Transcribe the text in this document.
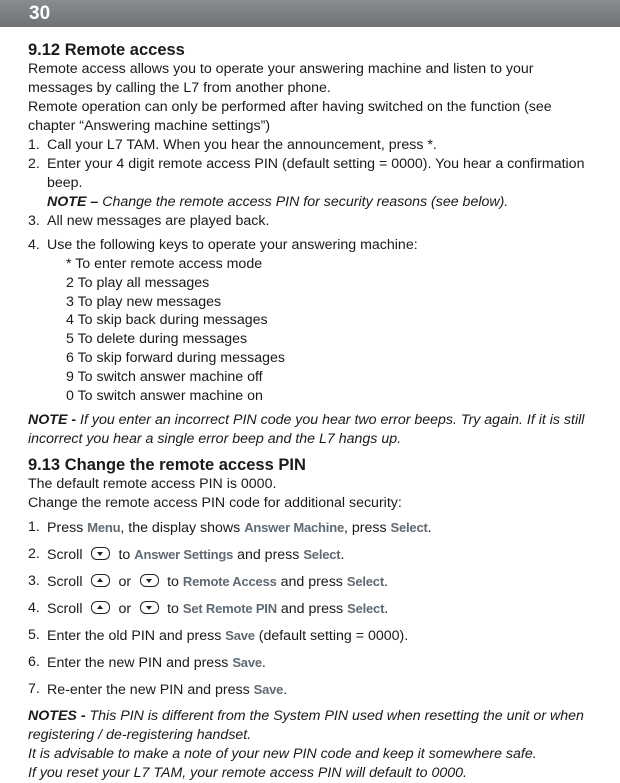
30
9.12 Remote access

Remote access allows you to operate your answering machine and listen to your messages by calling the L7 from another phone.

Remote operation can only be performed after having switched on the function (see chapter “Answering machine settings”)

1. Call your L7 TAM. When you hear the announcement, press *.
2. Enter your 4 digit remote access PIN (default setting = 0000). You hear a confirmation beep.
NOTE – Change the remote access PIN for security reasons (see below).
3. All new messages are played back.
4. Use the following keys to operate your answering machine:
* To enter remote access mode
2 To play all messages
3 To play new messages
4 To skip back during messages
5 To delete during messages
6 To skip forward during messages
9 To switch answer machine off
0 To switch answer machine on

NOTE - If you enter an incorrect PIN code you hear two error beeps. Try again. If it is still incorrect you hear a single error beep and the L7 hangs up.

9.13 Change the remote access PIN

The default remote access PIN is 0000.

Change the remote access PIN code for additional security:

1. Press Menu, the display shows Answer Machine, press Select.
2. Scroll	to Answer Settings and press Select.
3. Scroll	or	to Remote Access and press Select.
4. Scroll	or	to Set Remote PIN and press Select.
5. Enter the old PIN and press Save (default setting = 0000).
6. Enter the new PIN and press Save.
7. Re-enter the new PIN and press Save.

NOTES - This PIN is different from the System PIN used when resetting the unit or when registering / de-registering handset.

It is advisable to make a note of your new PIN code and keep it somewhere safe.

If you reset your L7 TAM, your remote access PIN will default to 0000.
